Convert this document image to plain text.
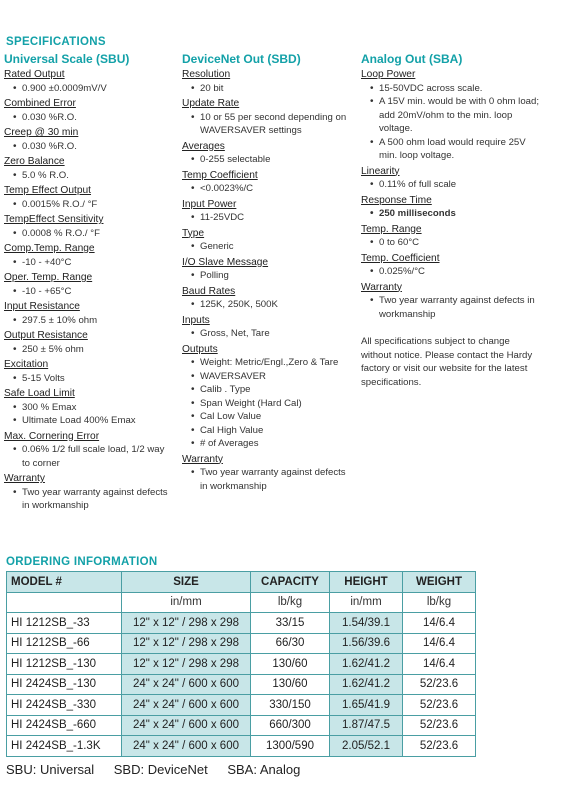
SPECIFICATIONS
Universal Scale (SBU)
Rated Output
• 0.900 ±0.0009mV/V
Combined Error
• 0.030 %R.O.
Creep @ 30 min
• 0.030 %R.O.
Zero Balance
• 5.0 % R.O.
Temp Effect Output
• 0.0015% R.O./ °F
TempEffect Sensitivity
• 0.0008 % R.O./ °F
Comp.Temp. Range
• -10 - +40°C
Oper. Temp. Range
• -10 - +65°C
Input Resistance
• 297.5 ± 10% ohm
Output Resistance
• 250 ± 5% ohm
Excitation
• 5-15 Volts
Safe Load Limit
• 300 % Emax
• Ultimate Load 400% Emax
Max. Cornering Error
• 0.06% 1/2 full scale load, 1/2 way to corner
Warranty
• Two year warranty against defects in workmanship
DeviceNet Out (SBD)
Resolution
• 20 bit
Update Rate
• 10 or 55 per second depending on WAVERSAVER settings
Averages
• 0-255 selectable
Temp Coefficient
• <0.0023%/C
Input Power
• 11-25VDC
Type
• Generic
I/O Slave Message
• Polling
Baud Rates
• 125K, 250K, 500K
Inputs
• Gross, Net, Tare
Outputs
• Weight: Metric/Engl.,Zero & Tare
• WAVERSAVER
• Calib . Type
• Span Weight (Hard Cal)
• Cal Low Value
• Cal High Value
• # of Averages
Warranty
• Two year warranty against defects in workmanship
Analog Out (SBA)
Loop Power
• 15-50VDC across scale.
• A 15V min. would be with 0 ohm load; add 20mV/ohm to the min. loop voltage.
• A 500 ohm load would require 25V min. loop voltage.
Linearity
• 0.11% of full scale
Response Time
• 250 milliseconds
Temp. Range
• 0 to 60°C
Temp. Coefficient
• 0.025%/°C
Warranty
• Two year warranty against defects in workmanship
All specifications subject to change without notice. Please contact the Hardy factory or visit our website for the latest specifications.
ORDERING INFORMATION
MODEL #	SIZE	CAPACITY	HEIGHT	WEIGHT
	in/mm	lb/kg	in/mm	lb/kg
HI 1212SB_-33	12" x 12" / 298 x 298	33/15	1.54/39.1	14/6.4
HI 1212SB_-66	12" x 12" / 298 x 298	66/30	1.56/39.6	14/6.4
HI 1212SB_-130	12" x 12" / 298 x 298	130/60	1.62/41.2	14/6.4
HI 2424SB_-130	24" x 24" / 600 x 600	130/60	1.62/41.2	52/23.6
HI 2424SB_-330	24" x 24" / 600 x 600	330/150	1.65/41.9	52/23.6
HI 2424SB_-660	24" x 24" / 600 x 600	660/300	1.87/47.5	52/23.6
HI 2424SB_-1.3K	24" x 24" / 600 x 600	1300/590	2.05/52.1	52/23.6
SBU: Universal SBD: DeviceNet SBA: Analog
